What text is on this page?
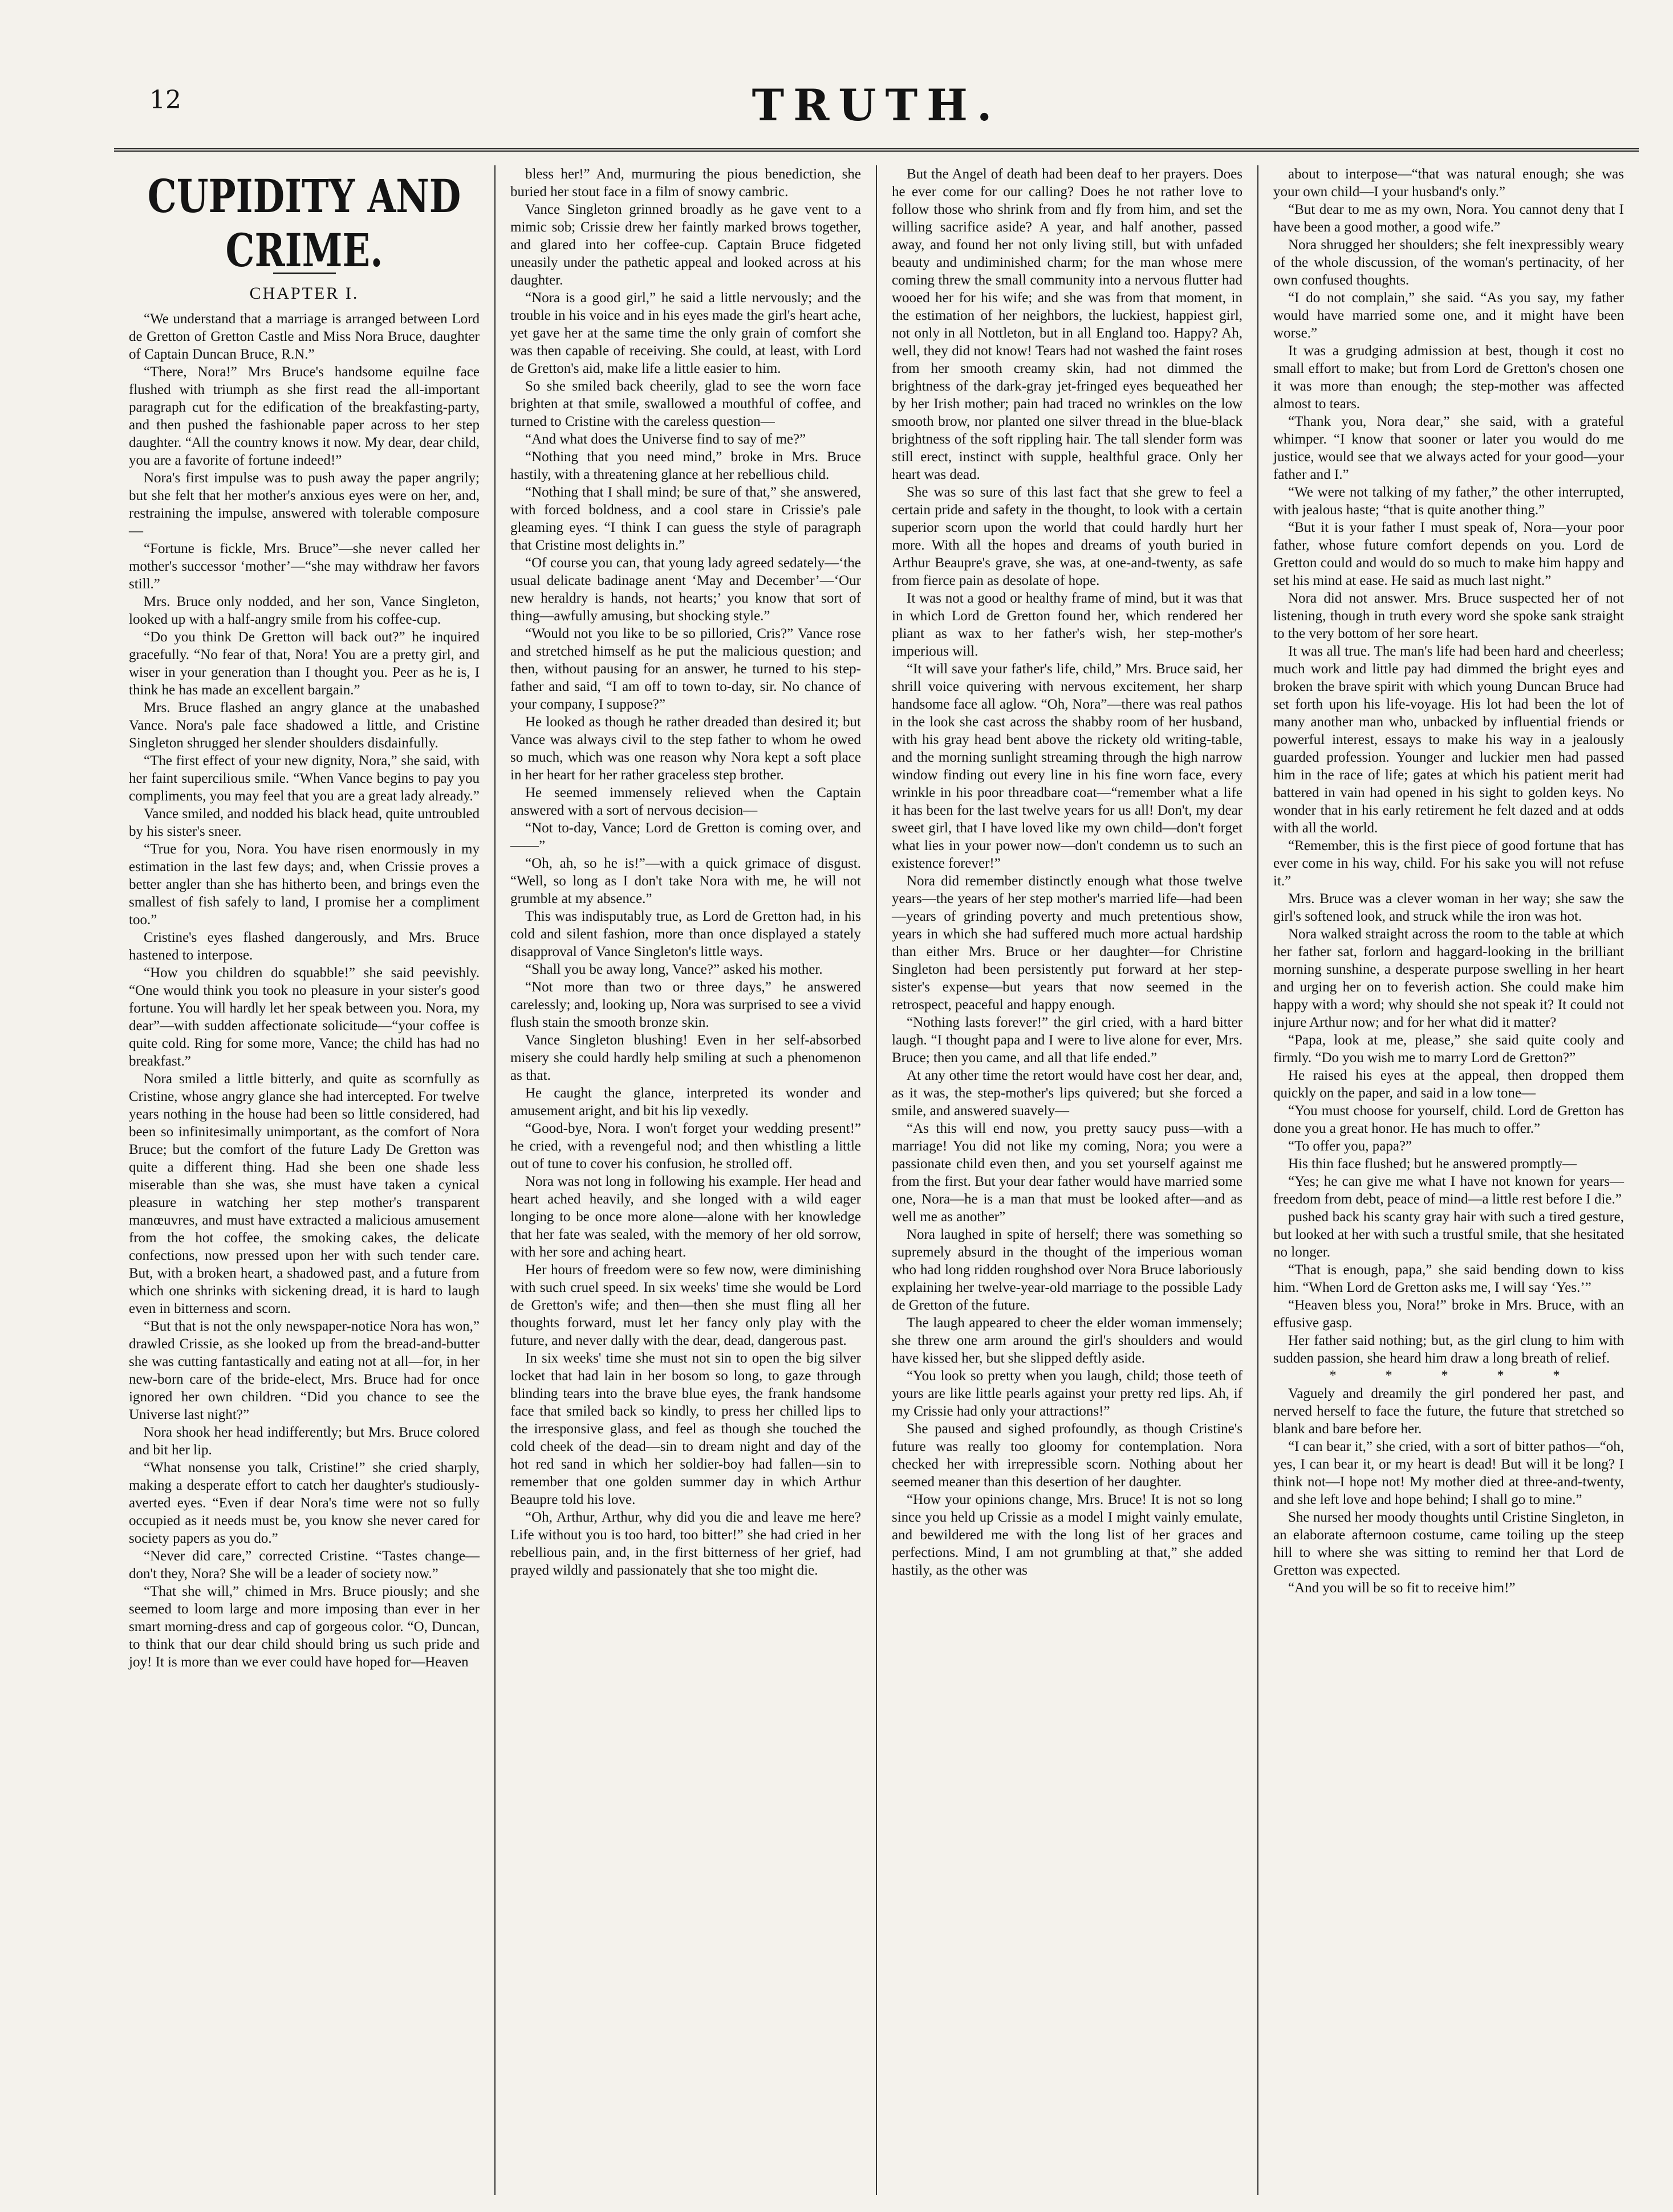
12	TRUTH.
CUPIDITY AND CRIME.
CHAPTER I.

“We understand that a marriage is arranged between Lord de Gretton of Gretton Castle and Miss Nora Bruce, daughter of Captain Duncan Bruce, R.N.”

“There, Nora!” Mrs Bruce's handsome equilne face flushed with triumph as she first read the all-important paragraph cut for the edification of the breakfasting-party, and then pushed the fashionable paper across to her step daughter. “All the country knows it now. My dear, dear child, you are a favorite of fortune indeed!”

Nora's first impulse was to push away the paper angrily; but she felt that her mother's anxious eyes were on her, and, restraining the impulse, answered with tolerable composure—

“Fortune is fickle, Mrs. Bruce”—she never called her mother's successor ‘mother’—“she may withdraw her favors still.”

Mrs. Bruce only nodded, and her son, Vance Singleton, looked up with a half-angry smile from his coffee-cup.

“Do you think De Gretton will back out?” he inquired gracefully. “No fear of that, Nora! You are a pretty girl, and wiser in your generation than I thought you. Peer as he is, I think he has made an excellent bargain.”

Mrs. Bruce flashed an angry glance at the unabashed Vance. Nora's pale face shadowed a little, and Cristine Singleton shrugged her slender shoulders disdainfully.

“The first effect of your new dignity, Nora,” she said, with her faint supercilious smile. “When Vance begins to pay you compliments, you may feel that you are a great lady already.”

Vance smiled, and nodded his black head, quite untroubled by his sister's sneer.

“True for you, Nora. You have risen enormously in my estimation in the last few days; and, when Crissie proves a better angler than she has hitherto been, and brings even the smallest of fish safely to land, I promise her a compliment too.”

Cristine's eyes flashed dangerously, and Mrs. Bruce hastened to interpose.

“How you children do squabble!” she said peevishly. “One would think you took no pleasure in your sister's good fortune. You will hardly let her speak between you. Nora, my dear”—with sudden affectionate solicitude—“your coffee is quite cold. Ring for some more, Vance; the child has had no breakfast.”

Nora smiled a little bitterly, and quite as scornfully as Cristine, whose angry glance she had intercepted. For twelve years nothing in the house had been so little considered, had been so infinitesimally unimportant, as the comfort of Nora Bruce; but the comfort of the future Lady De Gretton was quite a different thing. Had she been one shade less miserable than she was, she must have taken a cynical pleasure in watching her step mother's transparent manœuvres, and must have extracted a malicious amusement from the hot coffee, the smoking cakes, the delicate confections, now pressed upon her with such tender care. But, with a broken heart, a shadowed past, and a future from which one shrinks with sickening dread, it is hard to laugh even in bitterness and scorn.

“But that is not the only newspaper-notice Nora has won,” drawled Crissie, as she looked up from the bread-and-butter she was cutting fantastically and eating not at all—for, in her new-born care of the bride-elect, Mrs. Bruce had for once ignored her own children. “Did you chance to see the Universe last night?”

Nora shook her head indifferently; but Mrs. Bruce colored and bit her lip.

“What nonsense you talk, Cristine!” she cried sharply, making a desperate effort to catch her daughter's studiously-averted eyes. “Even if dear Nora's time were not so fully occupied as it needs must be, you know she never cared for society papers as you do.”

“Never did care,” corrected Cristine. “Tastes change—don't they, Nora? She will be a leader of society now.”

“That she will,” chimed in Mrs. Bruce piously; and she seemed to loom large and more imposing than ever in her smart morning-dress and cap of gorgeous color. “O, Duncan, to think that our dear child should bring us such pride and joy! It is more than we ever could have hoped for—Heaven

bless her!” And, murmuring the pious benediction, she buried her stout face in a film of snowy cambric.

Vance Singleton grinned broadly as he gave vent to a mimic sob; Crissie drew her faintly marked brows together, and glared into her coffee-cup. Captain Bruce fidgeted uneasily under the pathetic appeal and looked across at his daughter.

“Nora is a good girl,” he said a little nervously; and the trouble in his voice and in his eyes made the girl's heart ache, yet gave her at the same time the only grain of comfort she was then capable of receiving. She could, at least, with Lord de Gretton's aid, make life a little easier to him.

So she smiled back cheerily, glad to see the worn face brighten at that smile, swallowed a mouthful of coffee, and turned to Cristine with the careless question—

“And what does the Universe find to say of me?”

“Nothing that you need mind,” broke in Mrs. Bruce hastily, with a threatening glance at her rebellious child.

“Nothing that I shall mind; be sure of that,” she answered, with forced boldness, and a cool stare in Crissie's pale gleaming eyes. “I think I can guess the style of paragraph that Cristine most delights in.”

“Of course you can, that young lady agreed sedately—‘the usual delicate badinage anent ‘May and December’—‘Our new heraldry is hands, not hearts;’ you know that sort of thing—awfully amusing, but shocking style.”

“Would not you like to be so pilloried, Cris?” Vance rose and stretched himself as he put the malicious question; and then, without pausing for an answer, he turned to his step-father and said, “I am off to town to-day, sir. No chance of your company, I suppose?”

He looked as though he rather dreaded than desired it; but Vance was always civil to the step father to whom he owed so much, which was one reason why Nora kept a soft place in her heart for her rather graceless step brother.

He seemed immensely relieved when the Captain answered with a sort of nervous decision—

“Not to-day, Vance; Lord de Gretton is coming over, and——”

“Oh, ah, so he is!”—with a quick grimace of disgust. “Well, so long as I don't take Nora with me, he will not grumble at my absence.”

This was indisputably true, as Lord de Gretton had, in his cold and silent fashion, more than once displayed a stately disapproval of Vance Singleton's little ways.

“Shall you be away long, Vance?” asked his mother.

“Not more than two or three days,” he answered carelessly; and, looking up, Nora was surprised to see a vivid flush stain the smooth bronze skin.

Vance Singleton blushing! Even in her self-absorbed misery she could hardly help smiling at such a phenomenon as that.

He caught the glance, interpreted its wonder and amusement aright, and bit his lip vexedly.

“Good-bye, Nora. I won't forget your wedding present!” he cried, with a revengeful nod; and then whistling a little out of tune to cover his confusion, he strolled off.

Nora was not long in following his example. Her head and heart ached heavily, and she longed with a wild eager longing to be once more alone—alone with her knowledge that her fate was sealed, with the memory of her old sorrow, with her sore and aching heart.

Her hours of freedom were so few now, were diminishing with such cruel speed. In six weeks' time she would be Lord de Gretton's wife; and then—then she must fling all her thoughts forward, must let her fancy only play with the future, and never dally with the dear, dead, dangerous past.

In six weeks' time she must not sin to open the big silver locket that had lain in her bosom so long, to gaze through blinding tears into the brave blue eyes, the frank handsome face that smiled back so kindly, to press her chilled lips to the irresponsive glass, and feel as though she touched the cold cheek of the dead—sin to dream night and day of the hot red sand in which her soldier-boy had fallen—sin to remember that one golden summer day in which Arthur Beaupre told his love.

“Oh, Arthur, Arthur, why did you die and leave me here? Life without you is too hard, too bitter!” she had cried in her rebellious pain, and, in the first bitterness of her grief, had prayed wildly and passionately that she too might die.

But the Angel of death had been deaf to her prayers. Does he ever come for our calling? Does he not rather love to follow those who shrink from and fly from him, and set the willing sacrifice aside? A year, and half another, passed away, and found her not only living still, but with unfaded beauty and undiminished charm; for the man whose mere coming threw the small community into a nervous flutter had wooed her for his wife; and she was from that moment, in the estimation of her neighbors, the luckiest, happiest girl, not only in all Nottleton, but in all England too. Happy? Ah, well, they did not know! Tears had not washed the faint roses from her smooth creamy skin, had not dimmed the brightness of the dark-gray jet-fringed eyes bequeathed her by her Irish mother; pain had traced no wrinkles on the low smooth brow, nor planted one silver thread in the blue-black brightness of the soft rippling hair. The tall slender form was still erect, instinct with supple, healthful grace. Only her heart was dead.

She was so sure of this last fact that she grew to feel a certain pride and safety in the thought, to look with a certain superior scorn upon the world that could hardly hurt her more. With all the hopes and dreams of youth buried in Arthur Beaupre's grave, she was, at one-and-twenty, as safe from fierce pain as desolate of hope.

It was not a good or healthy frame of mind, but it was that in which Lord de Gretton found her, which rendered her pliant as wax to her father's wish, her step-mother's imperious will.

“It will save your father's life, child,” Mrs. Bruce said, her shrill voice quivering with nervous excitement, her sharp handsome face all aglow. “Oh, Nora”—there was real pathos in the look she cast across the shabby room of her husband, with his gray head bent above the rickety old writing-table, and the morning sunlight streaming through the high narrow window finding out every line in his fine worn face, every wrinkle in his poor threadbare coat—“remember what a life it has been for the last twelve years for us all! Don't, my dear sweet girl, that I have loved like my own child—don't forget what lies in your power now—don't condemn us to such an existence forever!”

Nora did remember distinctly enough what those twelve years—the years of her step mother's married life—had been—years of grinding poverty and much pretentious show, years in which she had suffered much more actual hardship than either Mrs. Bruce or her daughter—for Christine Singleton had been persistently put forward at her step-sister's expense—but years that now seemed in the retrospect, peaceful and happy enough.

“Nothing lasts forever!” the girl cried, with a hard bitter laugh. “I thought papa and I were to live alone for ever, Mrs. Bruce; then you came, and all that life ended.”

At any other time the retort would have cost her dear, and, as it was, the step-mother's lips quivered; but she forced a smile, and answered suavely—

“As this will end now, you pretty saucy puss—with a marriage! You did not like my coming, Nora; you were a passionate child even then, and you set yourself against me from the first. But your dear father would have married some one, Nora—he is a man that must be looked after—and as well me as another”

Nora laughed in spite of herself; there was something so supremely absurd in the thought of the imperious woman who had long ridden roughshod over Nora Bruce laboriously explaining her twelve-year-old marriage to the possible Lady de Gretton of the future.

The laugh appeared to cheer the elder woman immensely; she threw one arm around the girl's shoulders and would have kissed her, but she slipped deftly aside.

“You look so pretty when you laugh, child; those teeth of yours are like little pearls against your pretty red lips. Ah, if my Crissie had only your attractions!”

She paused and sighed profoundly, as though Cristine's future was really too gloomy for contemplation. Nora checked her with irrepressible scorn. Nothing about her seemed meaner than this desertion of her daughter.

“How your opinions change, Mrs. Bruce! It is not so long since you held up Crissie as a model I might vainly emulate, and bewildered me with the long list of her graces and perfections. Mind, I am not grumbling at that,” she added hastily, as the other was

about to interpose—“that was natural enough; she was your own child—I your husband's only.”

“But dear to me as my own, Nora. You cannot deny that I have been a good mother, a good wife.”

Nora shrugged her shoulders; she felt inexpressibly weary of the whole discussion, of the woman's pertinacity, of her own confused thoughts.

“I do not complain,” she said. “As you say, my father would have married some one, and it might have been worse.”

It was a grudging admission at best, though it cost no small effort to make; but from Lord de Gretton's chosen one it was more than enough; the step-mother was affected almost to tears.

“Thank you, Nora dear,” she said, with a grateful whimper. “I know that sooner or later you would do me justice, would see that we always acted for your good—your father and I.”

“We were not talking of my father,” the other interrupted, with jealous haste; “that is quite another thing.”

“But it is your father I must speak of, Nora—your poor father, whose future comfort depends on you. Lord de Gretton could and would do so much to make him happy and set his mind at ease. He said as much last night.”

Nora did not answer. Mrs. Bruce suspected her of not listening, though in truth every word she spoke sank straight to the very bottom of her sore heart.

It was all true. The man's life had been hard and cheerless; much work and little pay had dimmed the bright eyes and broken the brave spirit with which young Duncan Bruce had set forth upon his life-voyage. His lot had been the lot of many another man who, unbacked by influential friends or powerful interest, essays to make his way in a jealously guarded profession. Younger and luckier men had passed him in the race of life; gates at which his patient merit had battered in vain had opened in his sight to golden keys. No wonder that in his early retirement he felt dazed and at odds with all the world.

“Remember, this is the first piece of good fortune that has ever come in his way, child. For his sake you will not refuse it.”

Mrs. Bruce was a clever woman in her way; she saw the girl's softened look, and struck while the iron was hot.

Nora walked straight across the room to the table at which her father sat, forlorn and haggard-looking in the brilliant morning sunshine, a desperate purpose swelling in her heart and urging her on to feverish action. She could make him happy with a word; why should she not speak it? It could not injure Arthur now; and for her what did it matter?

“Papa, look at me, please,” she said quite cooly and firmly. “Do you wish me to marry Lord de Gretton?”

He raised his eyes at the appeal, then dropped them quickly on the paper, and said in a low tone—

“You must choose for yourself, child. Lord de Gretton has done you a great honor. He has much to offer.”

“To offer you, papa?”

His thin face flushed; but he answered promptly—

“Yes; he can give me what I have not known for years—freedom from debt, peace of mind—a little rest before I die.”

pushed back his scanty gray hair with such a tired gesture, but looked at her with such a trustful smile, that she hesitated no longer.

“That is enough, papa,” she said bending down to kiss him. “When Lord de Gretton asks me, I will say ‘Yes.’”

“Heaven bless you, Nora!” broke in Mrs. Bruce, with an effusive gasp.

Her father said nothing; but, as the girl clung to him with sudden passion, she heard him draw a long breath of relief.

* * * * *

Vaguely and dreamily the girl pondered her past, and nerved herself to face the future, the future that stretched so blank and bare before her.

“I can bear it,” she cried, with a sort of bitter pathos—“oh, yes, I can bear it, or my heart is dead! But will it be long? I think not—I hope not! My mother died at three-and-twenty, and she left love and hope behind; I shall go to mine.”

She nursed her moody thoughts until Cristine Singleton, in an elaborate afternoon costume, came toiling up the steep hill to where she was sitting to remind her that Lord de Gretton was expected.

“And you will be so fit to receive him!”
